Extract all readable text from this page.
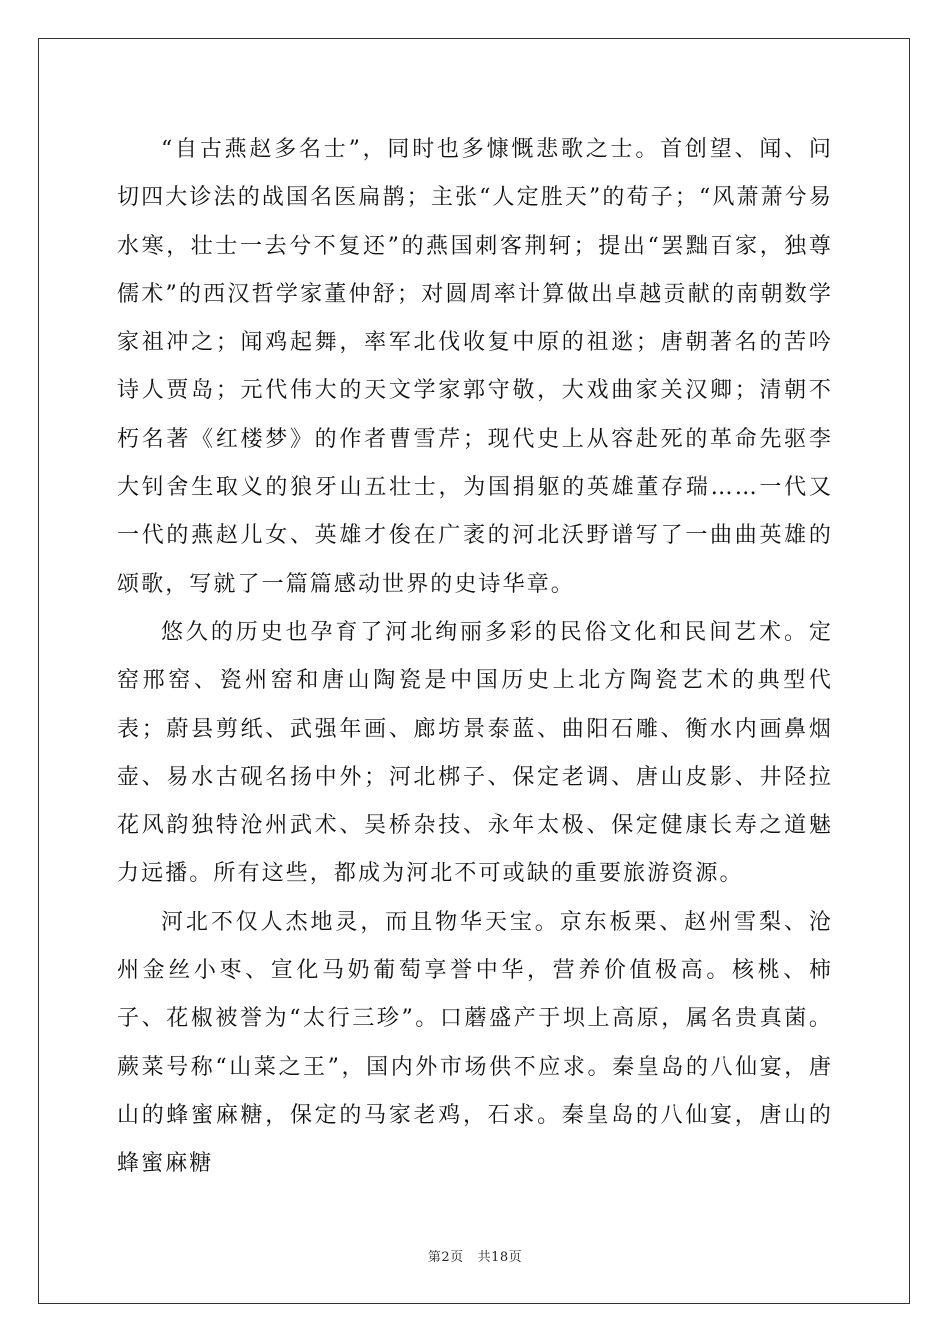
“自古燕赵多名士”，同时也多慷慨悲歌之士。首创望、闻、问切四大诊法的战国名医扁鹊；主张“人定胜天”的荀子；“风萧萧兮易水寒，壮士一去兮不复还”的燕国刺客荆轲；提出“罢黜百家，独尊儒术”的西汉哲学家董仲舒；对圆周率计算做出卓越贡献的南朝数学家祖冲之；闻鸡起舞，率军北伐收复中原的祖逖；唐朝著名的苦吟诗人贾岛；元代伟大的天文学家郭守敬，大戏曲家关汉卿；清朝不朽名著《红楼梦》的作者曹雪芹；现代史上从容赴死的革命先驱李大钊舍生取义的狼牙山五壮士，为国捐躯的英雄董存瑞……一代又一代的燕赵儿女、英雄才俊在广袤的河北沃野谱写了一曲曲英雄的颂歌，写就了一篇篇感动世界的史诗华章。

悠久的历史也孕育了河北绚丽多彩的民俗文化和民间艺术。定窑邢窑、瓷州窑和唐山陶瓷是中国历史上北方陶瓷艺术的典型代表；蔚县剪纸、武强年画、廊坊景泰蓝、曲阳石雕、衡水内画鼻烟壶、易水古砚名扬中外；河北梆子、保定老调、唐山皮影、井陉拉花风韵独特沧州武术、吴桥杂技、永年太极、保定健康长寿之道魅力远播。所有这些，都成为河北不可或缺的重要旅游资源。

河北不仅人杰地灵，而且物华天宝。京东板栗、赵州雪梨、沧州金丝小枣、宣化马奶葡萄享誉中华，营养价值极高。核桃、柿子、花椒被誉为“太行三珍”。口蘑盛产于坝上高原，属名贵真菌。蕨菜号称“山菜之王”，国内外市场供不应求。秦皇岛的八仙宴，唐山的蜂蜜麻糖，保定的马家老鸡，石求。秦皇岛的八仙宴，唐山的蜂蜜麻糖

第2页 共18页
